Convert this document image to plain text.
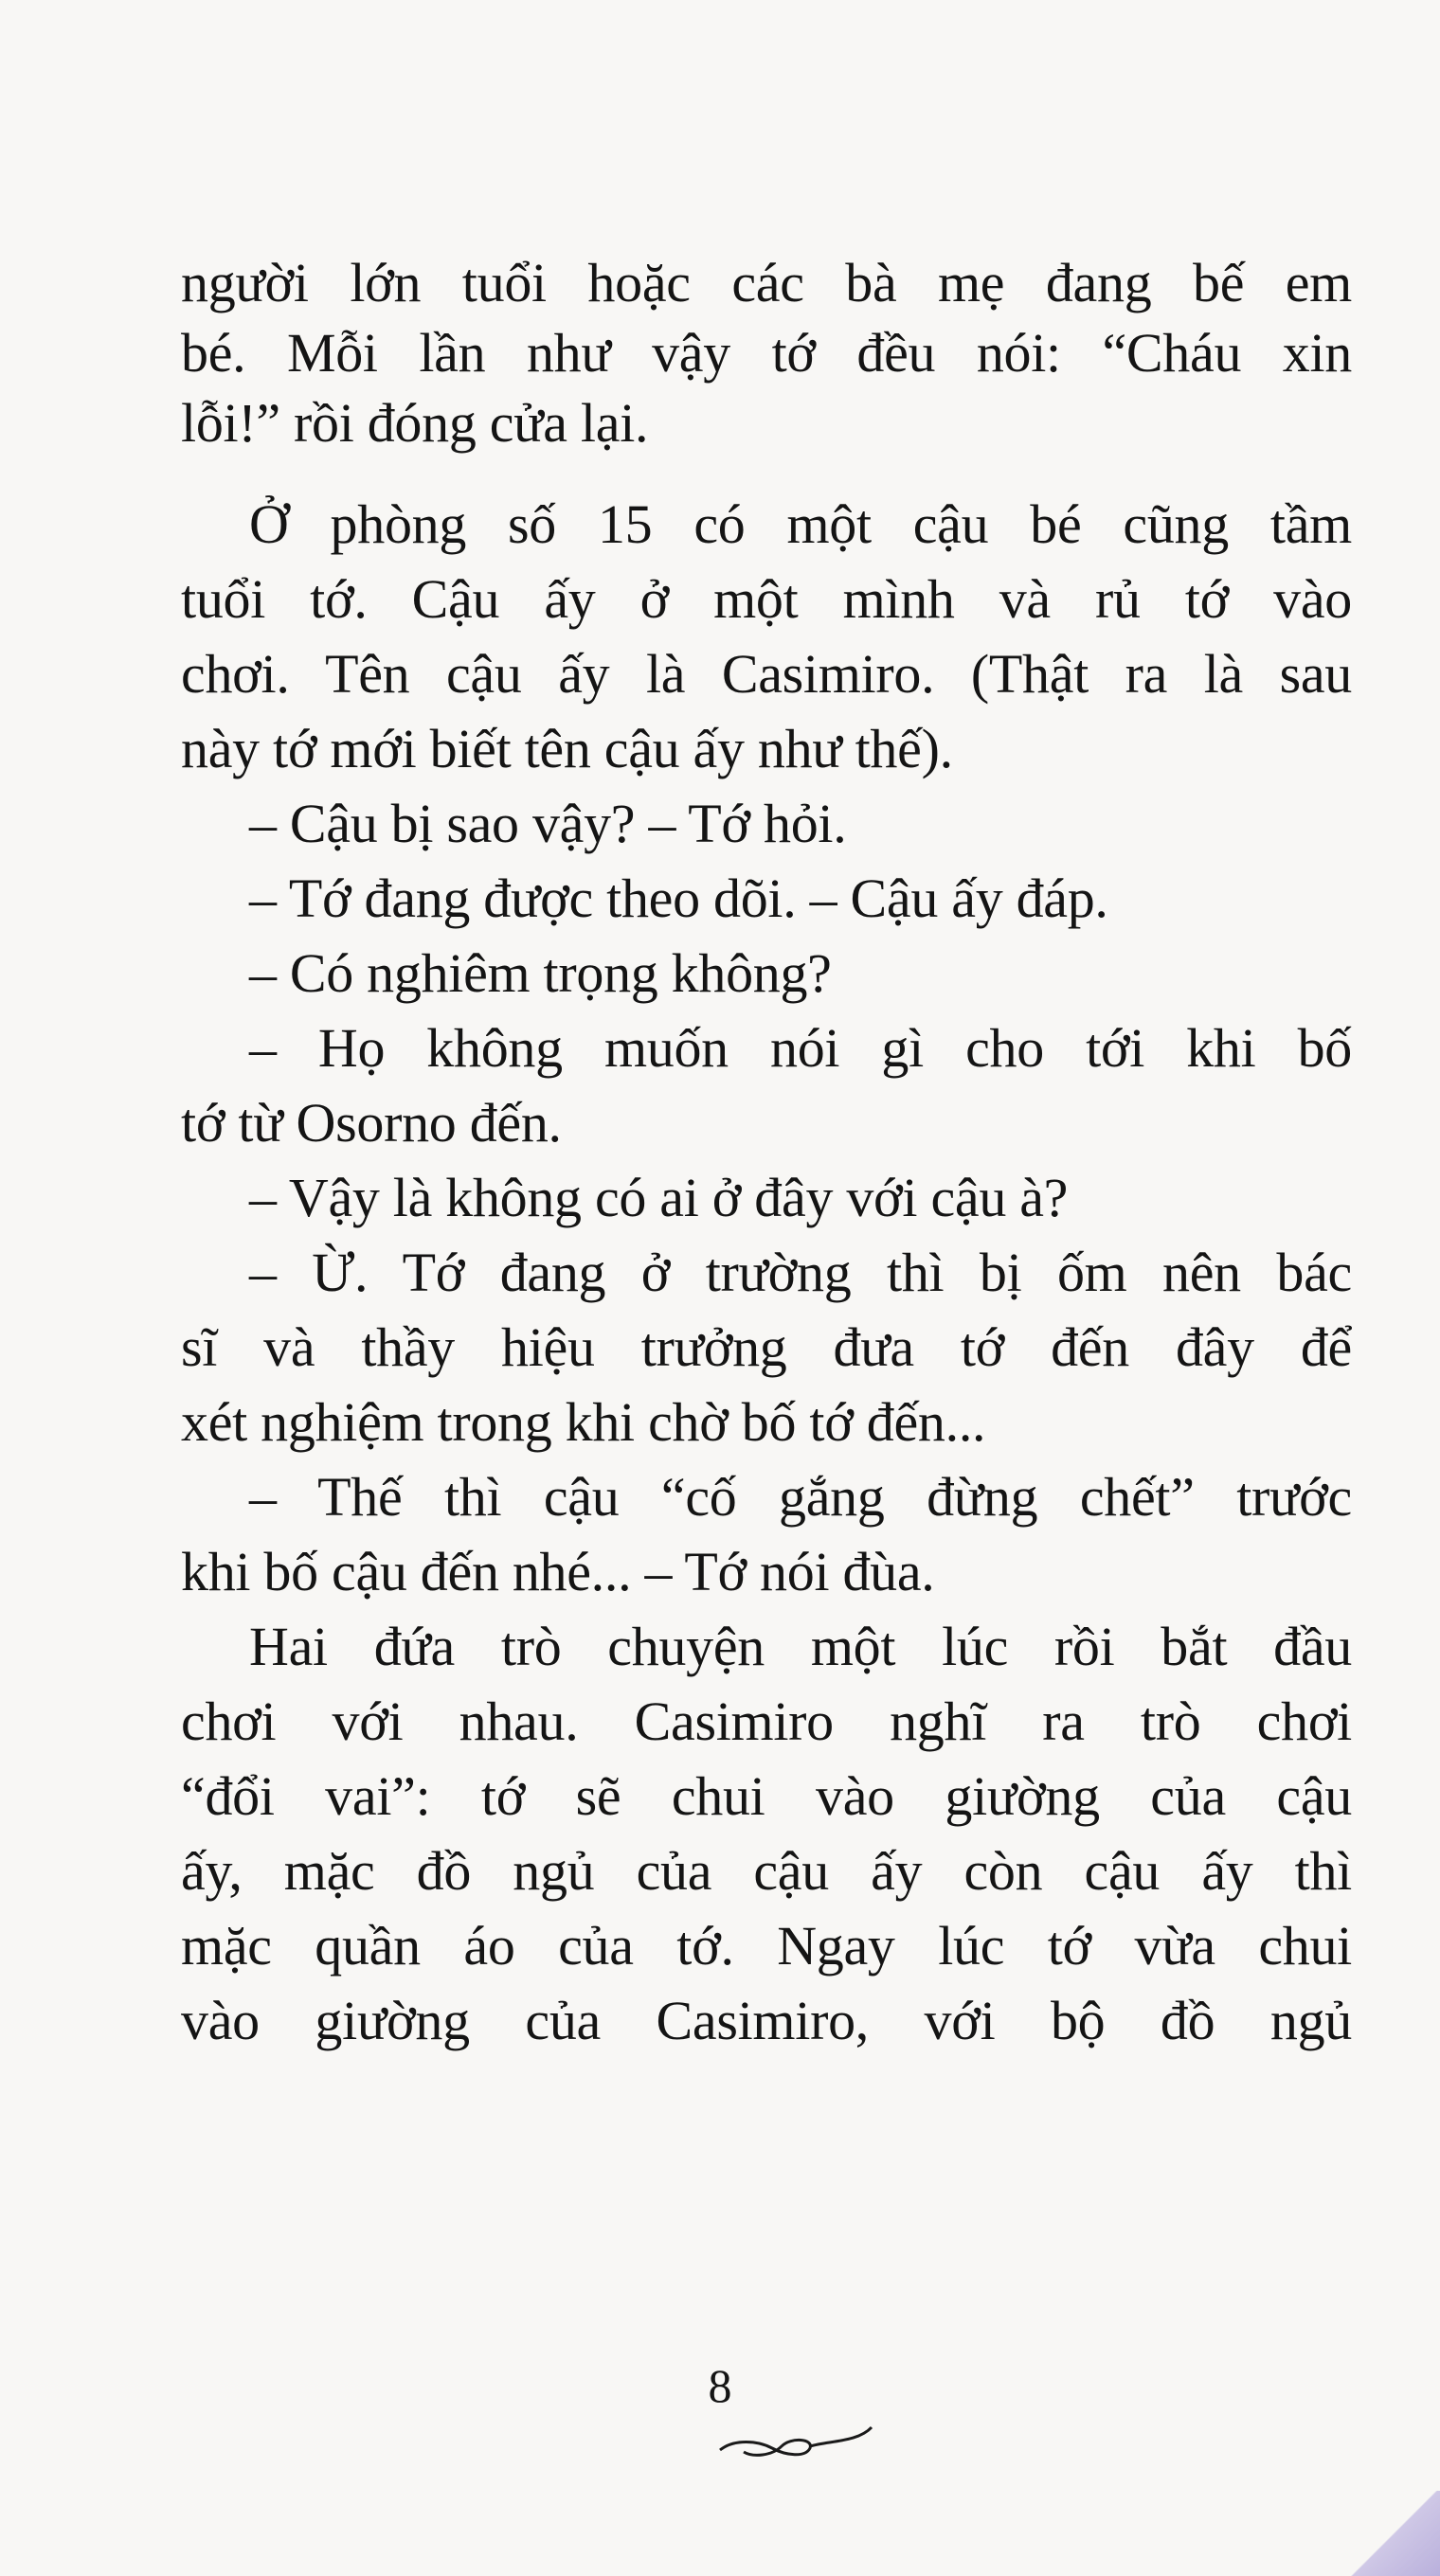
người lớn tuổi hoặc các bà mẹ đang bế em
bé. Mỗi lần như vậy tớ đều nói: “Cháu xin
lỗi!” rồi đóng cửa lại.
Ở phòng số 15 có một cậu bé cũng tầm
tuổi tớ. Cậu ấy ở một mình và rủ tớ vào
chơi. Tên cậu ấy là Casimiro. (Thật ra là sau
này tớ mới biết tên cậu ấy như thế).
– Cậu bị sao vậy? – Tớ hỏi.
– Tớ đang được theo dõi. – Cậu ấy đáp.
– Có nghiêm trọng không?
– Họ không muốn nói gì cho tới khi bố
tớ từ Osorno đến.
– Vậy là không có ai ở đây với cậu à?
– Ừ. Tớ đang ở trường thì bị ốm nên bác
sĩ và thầy hiệu trưởng đưa tớ đến đây để
xét nghiệm trong khi chờ bố tớ đến...
– Thế thì cậu “cố gắng đừng chết” trước
khi bố cậu đến nhé... – Tớ nói đùa.
Hai đứa trò chuyện một lúc rồi bắt đầu
chơi với nhau. Casimiro nghĩ ra trò chơi
“đổi vai”: tớ sẽ chui vào giường của cậu
ấy, mặc đồ ngủ của cậu ấy còn cậu ấy thì
mặc quần áo của tớ. Ngay lúc tớ vừa chui
vào giường của Casimiro, với bộ đồ ngủ
8
